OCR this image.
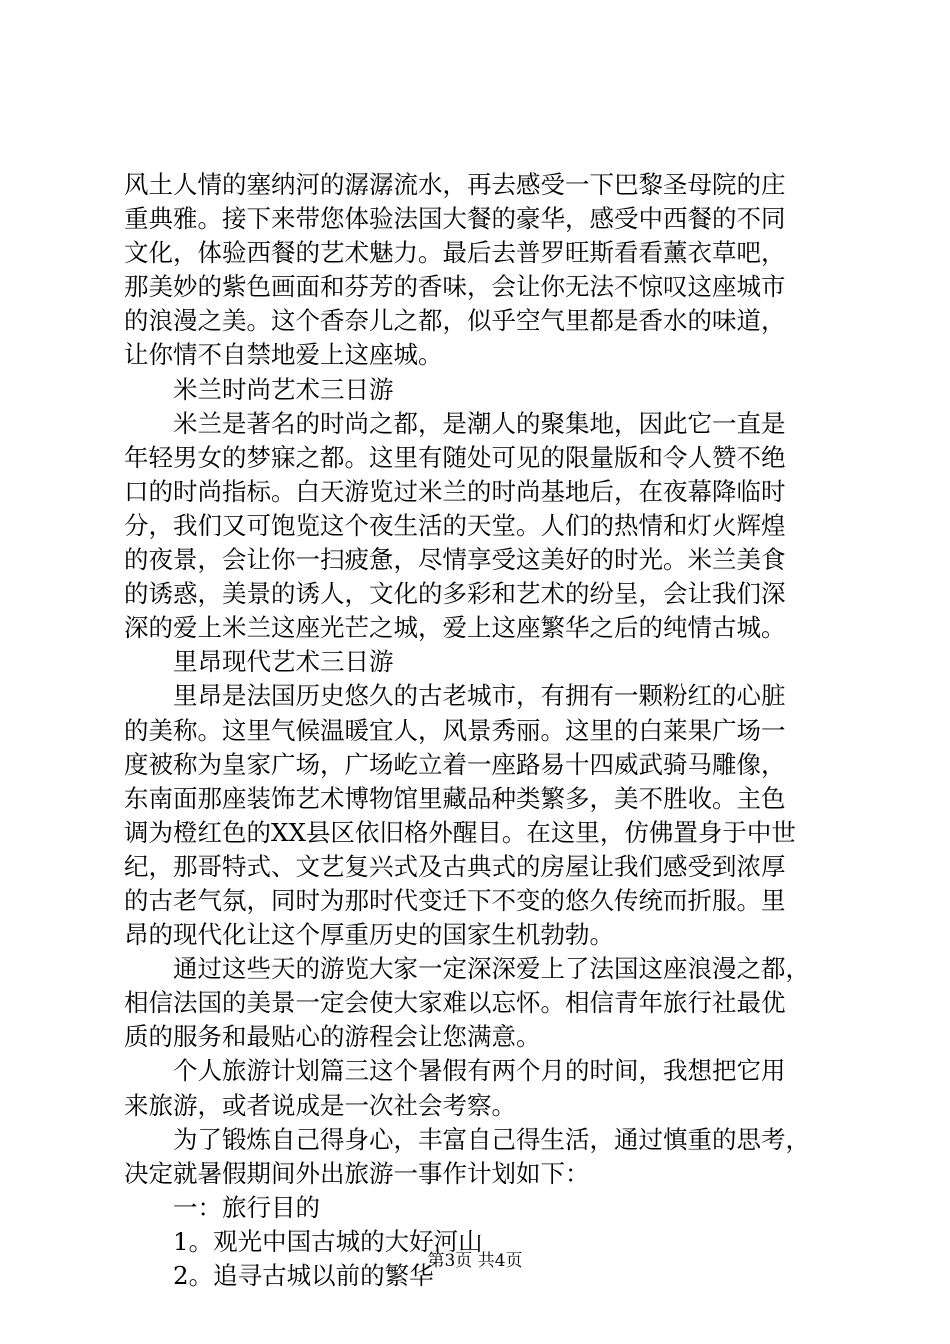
风土人情的塞纳河的潺潺流水，再去感受一下巴黎圣母院的庄
重典雅。接下来带您体验法国大餐的豪华，感受中西餐的不同
文化，体验西餐的艺术魅力。最后去普罗旺斯看看薰衣草吧，
那美妙的紫色画面和芬芳的香味，会让你无法不惊叹这座城市
的浪漫之美。这个香奈儿之都，似乎空气里都是香水的味道，
让你情不自禁地爱上这座城。
米兰时尚艺术三日游
米兰是著名的时尚之都，是潮人的聚集地，因此它一直是
年轻男女的梦寐之都。这里有随处可见的限量版和令人赞不绝
口的时尚指标。白天游览过米兰的时尚基地后，在夜幕降临时
分，我们又可饱览这个夜生活的天堂。人们的热情和灯火辉煌
的夜景，会让你一扫疲惫，尽情享受这美好的时光。米兰美食
的诱惑，美景的诱人，文化的多彩和艺术的纷呈，会让我们深
深的爱上米兰这座光芒之城，爱上这座繁华之后的纯情古城。
里昂现代艺术三日游
里昂是法国历史悠久的古老城市，有拥有一颗粉红的心脏
的美称。这里气候温暖宜人，风景秀丽。这里的白莱果广场一
度被称为皇家广场，广场屹立着一座路易十四威武骑马雕像，
东南面那座装饰艺术博物馆里藏品种类繁多，美不胜收。主色
调为橙红色的XX县区依旧格外醒目。在这里，仿佛置身于中世
纪，那哥特式、文艺复兴式及古典式的房屋让我们感受到浓厚
的古老气氛，同时为那时代变迁下不变的悠久传统而折服。里
昂的现代化让这个厚重历史的国家生机勃勃。
通过这些天的游览大家一定深深爱上了法国这座浪漫之都，
相信法国的美景一定会使大家难以忘怀。相信青年旅行社最优
质的服务和最贴心的游程会让您满意。
个人旅游计划篇三这个暑假有两个月的时间，我想把它用
来旅游，或者说成是一次社会考察。
为了锻炼自己得身心，丰富自己得生活，通过慎重的思考，
决定就暑假期间外出旅游一事作计划如下：
一：旅行目的
1。观光中国古城的大好河山
2。追寻古城以前的繁华
第3页 共4页
